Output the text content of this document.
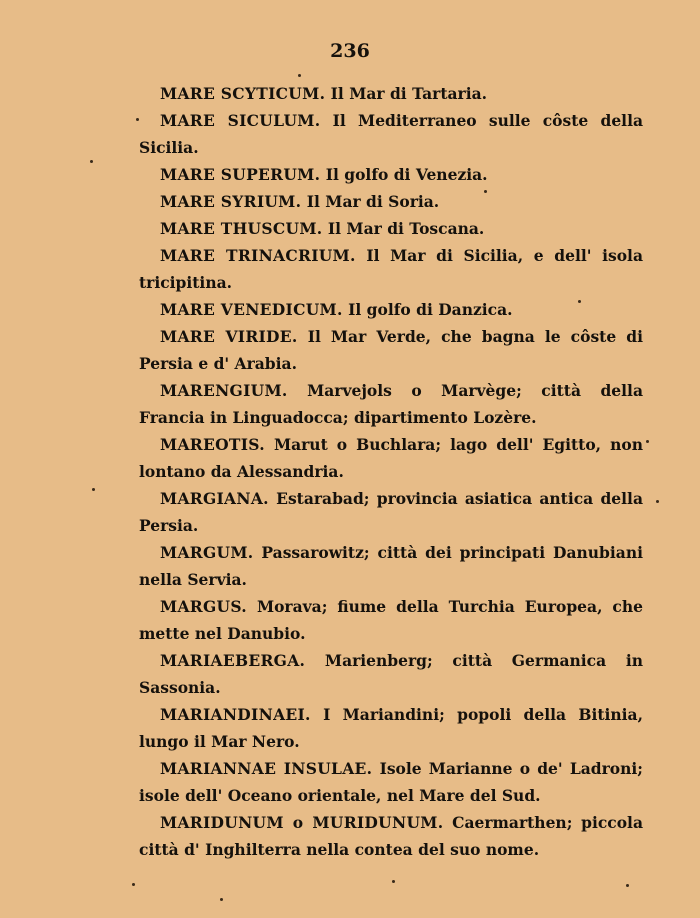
236

MARE SCYTICUM. Il Mar di Tartaria.

MARE SICULUM. Il Mediterraneo sulle côste della Sicilia.

MARE SUPERUM. Il golfo di Venezia.

MARE SYRIUM. Il Mar di Soria.

MARE THUSCUM. Il Mar di Toscana.

MARE TRINACRIUM. Il Mar di Sicilia, e dell' isola tricipitina.

MARE VENEDICUM. Il golfo di Danzica.

MARE VIRIDE. Il Mar Verde, che bagna le côste di Persia e d' Arabia.

MARENGIUM. Marvejols o Marvège; città della Francia in Linguadocca; dipartimento Lozère.

MAREOTIS. Marut o Buchlara; lago dell' Egitto, non lontano da Alessandria.

MARGIANA. Estarabad; provincia asiatica antica della Persia.

MARGUM. Passarowitz; città dei principati Danubiani nella Servia.

MARGUS. Morava; fiume della Turchia Europea, che mette nel Danubio.

MARIAEBERGA. Marienberg; città Germanica in Sassonia.

MARIANDINAEI. I Mariandini; popoli della Bitinia, lungo il Mar Nero.

MARIANNAE INSULAE. Isole Marianne o de' Ladroni; isole dell' Oceano orientale, nel Mare del Sud.

MARIDUNUM o MURIDUNUM. Caermarthen; piccola città d' Inghilterra nella contea del suo nome.
